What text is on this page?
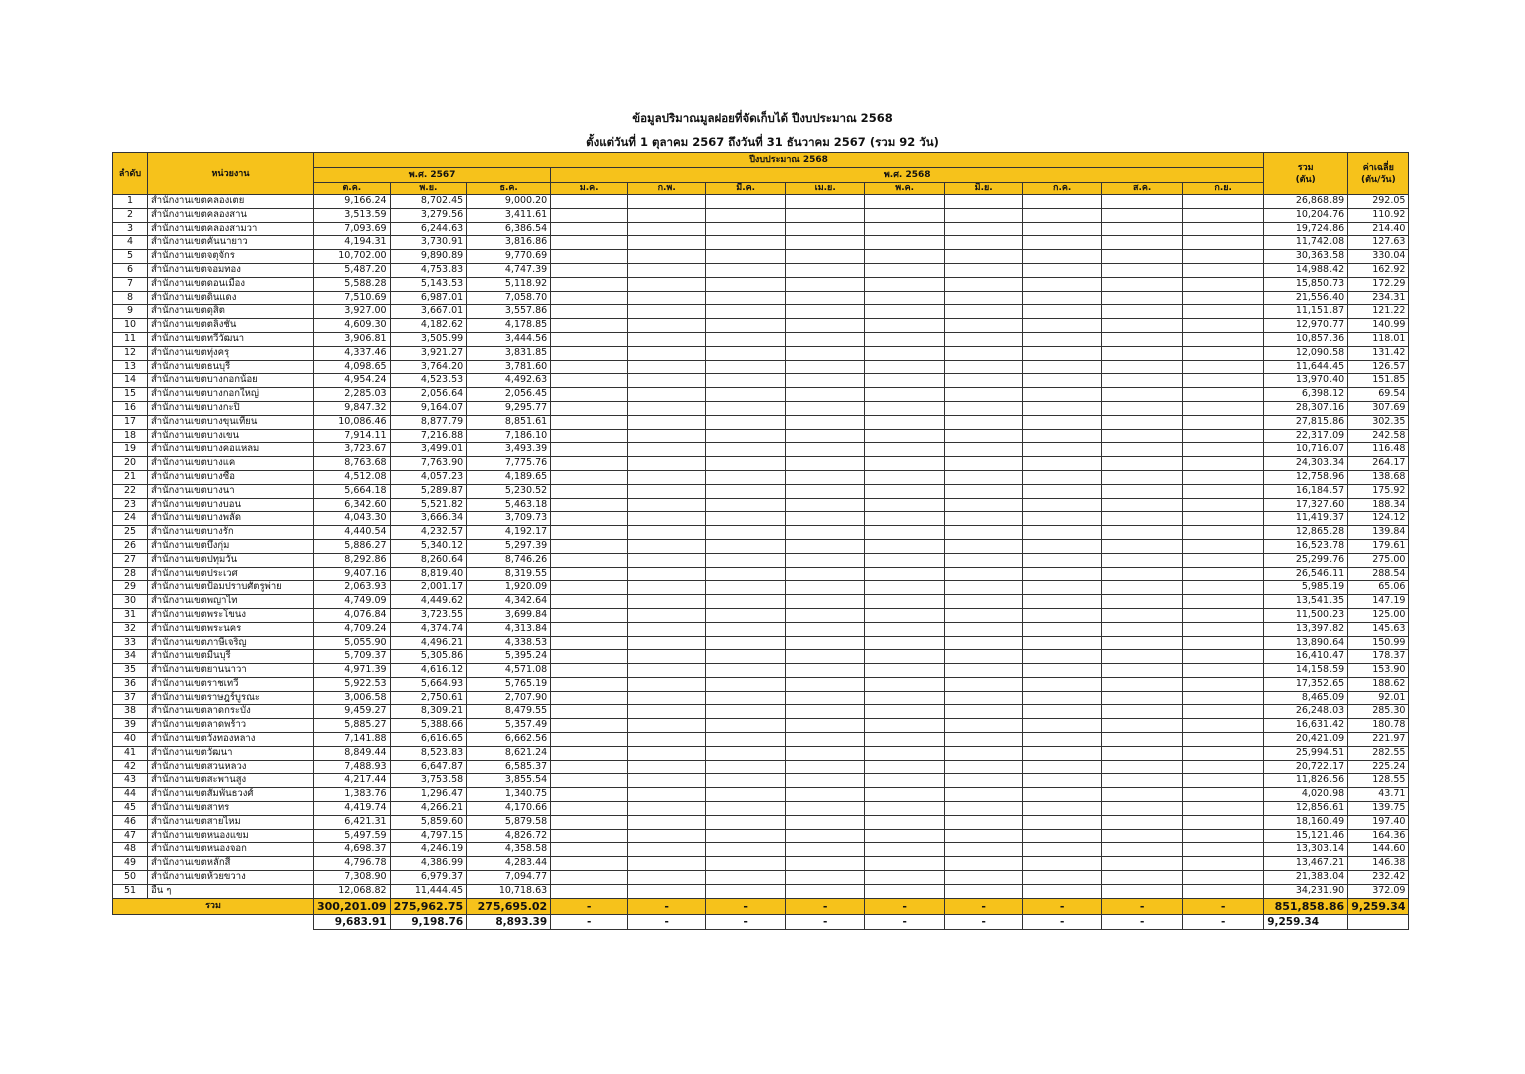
ข้อมูลปริมาณมูลฝอยที่จัดเก็บได้ ปีงบประมาณ 2568
ตั้งแต่วันที่ 1 ตุลาคม 2567 ถึงวันที่ 31 ธันวาคม 2567 (รวม 92 วัน)
ลำดับ	หน่วยงาน	ปีงบประมาณ 2568												รวม
(ตัน)	ค่าเฉลี่ย
(ตัน/วัน)
		พ.ศ. 2567			พ.ศ. 2568										
		ต.ค.	พ.ย.	ธ.ค.	ม.ค.	ก.พ.	มี.ค.	เม.ย.	พ.ค.	มิ.ย.	ก.ค.	ส.ค.	ก.ย.		
1	สำนักงานเขตคลองเตย	9,166.24	8,702.45	9,000.20										26,868.89	292.05
2	สำนักงานเขตคลองสาน	3,513.59	3,279.56	3,411.61										10,204.76	110.92
3	สำนักงานเขตคลองสามวา	7,093.69	6,244.63	6,386.54										19,724.86	214.40
4	สำนักงานเขตคันนายาว	4,194.31	3,730.91	3,816.86										11,742.08	127.63
5	สำนักงานเขตจตุจักร	10,702.00	9,890.89	9,770.69										30,363.58	330.04
6	สำนักงานเขตจอมทอง	5,487.20	4,753.83	4,747.39										14,988.42	162.92
7	สำนักงานเขตดอนเมือง	5,588.28	5,143.53	5,118.92										15,850.73	172.29
8	สำนักงานเขตดินแดง	7,510.69	6,987.01	7,058.70										21,556.40	234.31
9	สำนักงานเขตดุสิต	3,927.00	3,667.01	3,557.86										11,151.87	121.22
10	สำนักงานเขตตลิ่งชัน	4,609.30	4,182.62	4,178.85										12,970.77	140.99
11	สำนักงานเขตทวีวัฒนา	3,906.81	3,505.99	3,444.56										10,857.36	118.01
12	สำนักงานเขตทุ่งครุ	4,337.46	3,921.27	3,831.85										12,090.58	131.42
13	สำนักงานเขตธนบุรี	4,098.65	3,764.20	3,781.60										11,644.45	126.57
14	สำนักงานเขตบางกอกน้อย	4,954.24	4,523.53	4,492.63										13,970.40	151.85
15	สำนักงานเขตบางกอกใหญ่	2,285.03	2,056.64	2,056.45										6,398.12	69.54
16	สำนักงานเขตบางกะปิ	9,847.32	9,164.07	9,295.77										28,307.16	307.69
17	สำนักงานเขตบางขุนเทียน	10,086.46	8,877.79	8,851.61										27,815.86	302.35
18	สำนักงานเขตบางเขน	7,914.11	7,216.88	7,186.10										22,317.09	242.58
19	สำนักงานเขตบางคอแหลม	3,723.67	3,499.01	3,493.39										10,716.07	116.48
20	สำนักงานเขตบางแค	8,763.68	7,763.90	7,775.76										24,303.34	264.17
21	สำนักงานเขตบางซื่อ	4,512.08	4,057.23	4,189.65										12,758.96	138.68
22	สำนักงานเขตบางนา	5,664.18	5,289.87	5,230.52										16,184.57	175.92
23	สำนักงานเขตบางบอน	6,342.60	5,521.82	5,463.18										17,327.60	188.34
24	สำนักงานเขตบางพลัด	4,043.30	3,666.34	3,709.73										11,419.37	124.12
25	สำนักงานเขตบางรัก	4,440.54	4,232.57	4,192.17										12,865.28	139.84
26	สำนักงานเขตบึงกุ่ม	5,886.27	5,340.12	5,297.39										16,523.78	179.61
27	สำนักงานเขตปทุมวัน	8,292.86	8,260.64	8,746.26										25,299.76	275.00
28	สำนักงานเขตประเวศ	9,407.16	8,819.40	8,319.55										26,546.11	288.54
29	สำนักงานเขตป้อมปราบศัตรูพ่าย	2,063.93	2,001.17	1,920.09										5,985.19	65.06
30	สำนักงานเขตพญาไท	4,749.09	4,449.62	4,342.64										13,541.35	147.19
31	สำนักงานเขตพระโขนง	4,076.84	3,723.55	3,699.84										11,500.23	125.00
32	สำนักงานเขตพระนคร	4,709.24	4,374.74	4,313.84										13,397.82	145.63
33	สำนักงานเขตภาษีเจริญ	5,055.90	4,496.21	4,338.53										13,890.64	150.99
34	สำนักงานเขตมีนบุรี	5,709.37	5,305.86	5,395.24										16,410.47	178.37
35	สำนักงานเขตยานนาวา	4,971.39	4,616.12	4,571.08										14,158.59	153.90
36	สำนักงานเขตราชเทวี	5,922.53	5,664.93	5,765.19										17,352.65	188.62
37	สำนักงานเขตราษฎร์บูรณะ	3,006.58	2,750.61	2,707.90										8,465.09	92.01
38	สำนักงานเขตลาดกระบัง	9,459.27	8,309.21	8,479.55										26,248.03	285.30
39	สำนักงานเขตลาดพร้าว	5,885.27	5,388.66	5,357.49										16,631.42	180.78
40	สำนักงานเขตวังทองหลาง	7,141.88	6,616.65	6,662.56										20,421.09	221.97
41	สำนักงานเขตวัฒนา	8,849.44	8,523.83	8,621.24										25,994.51	282.55
42	สำนักงานเขตสวนหลวง	7,488.93	6,647.87	6,585.37										20,722.17	225.24
43	สำนักงานเขตสะพานสูง	4,217.44	3,753.58	3,855.54										11,826.56	128.55
44	สำนักงานเขตสัมพันธวงศ์	1,383.76	1,296.47	1,340.75										4,020.98	43.71
45	สำนักงานเขตสาทร	4,419.74	4,266.21	4,170.66										12,856.61	139.75
46	สำนักงานเขตสายไหม	6,421.31	5,859.60	5,879.58										18,160.49	197.40
47	สำนักงานเขตหนองแขม	5,497.59	4,797.15	4,826.72										15,121.46	164.36
48	สำนักงานเขตหนองจอก	4,698.37	4,246.19	4,358.58										13,303.14	144.60
49	สำนักงานเขตหลักสี่	4,796.78	4,386.99	4,283.44										13,467.21	146.38
50	สำนักงานเขตห้วยขวาง	7,308.90	6,979.37	7,094.77										21,383.04	232.42
51	อื่น ๆ	12,068.82	11,444.45	10,718.63										34,231.90	372.09
รวม		300,201.09	275,962.75	275,695.02	-	-	-	-	-	-	-	-	-	851,858.86	9,259.34
		9,683.91	9,198.76	8,893.39	-	-	-	-	-	-	-	-	-	9,259.34	
